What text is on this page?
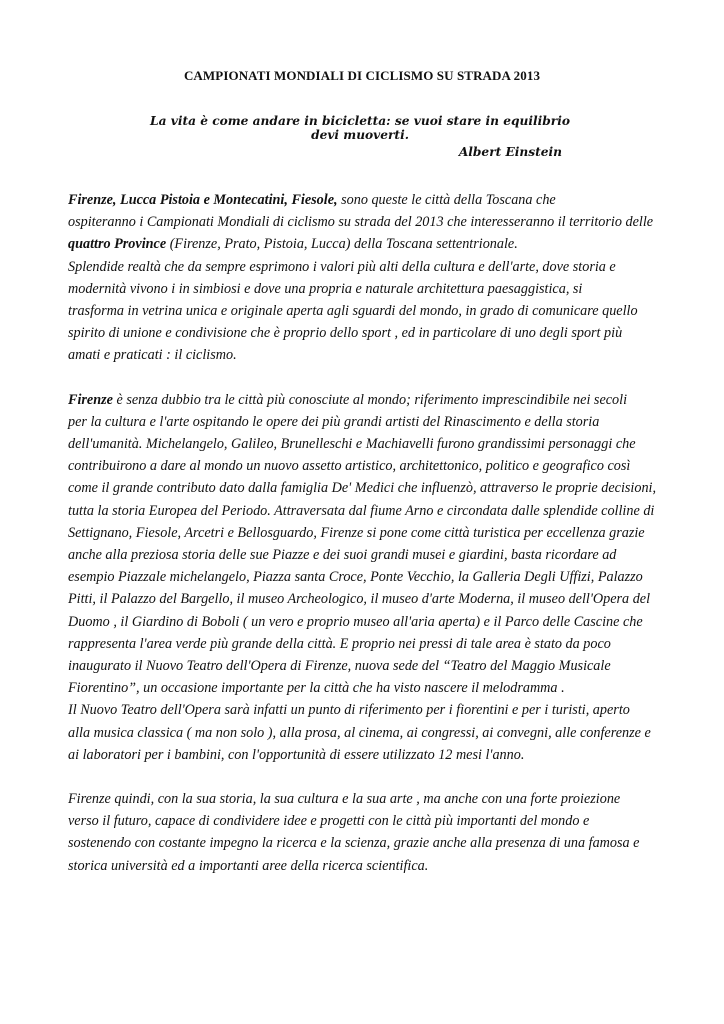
CAMPIONATI MONDIALI DI CICLISMO SU STRADA 2013
La vita è come andare in bicicletta: se vuoi stare in equilibrio devi muoverti.
Albert Einstein

Firenze, Lucca Pistoia e Montecatini, Fiesole, sono queste le città della Toscana che
ospiteranno i Campionati Mondiali di ciclismo su strada del 2013 che interesseranno il territorio delle
quattro Province (Firenze, Prato, Pistoia, Lucca) della Toscana settentrionale.
Splendide realtà che da sempre esprimono i valori più alti della cultura e dell'arte, dove storia e
modernità vivono i in simbiosi e dove una propria e naturale architettura paesaggistica, si
trasforma in vetrina unica e originale aperta agli sguardi del mondo, in grado di comunicare quello
spirito di unione e condivisione che è proprio dello sport , ed in particolare di uno degli sport più
amati e praticati : il ciclismo.

Firenze è senza dubbio tra le città più conosciute al mondo; riferimento imprescindibile nei secoli
per la cultura e l'arte ospitando le opere dei più grandi artisti del Rinascimento e della storia
dell'umanità. Michelangelo, Galileo, Brunelleschi e Machiavelli furono grandissimi personaggi che
contribuirono a dare al mondo un nuovo assetto artistico, architettonico, politico e geografico così
come il grande contributo dato dalla famiglia De' Medici che influenzò, attraverso le proprie decisioni,
tutta la storia Europea del Periodo. Attraversata dal fiume Arno e circondata dalle splendide colline di
Settignano, Fiesole, Arcetri e Bellosguardo, Firenze si pone come città turistica per eccellenza grazie
anche alla preziosa storia delle sue Piazze e dei suoi grandi musei e giardini, basta ricordare ad
esempio Piazzale michelangelo, Piazza santa Croce, Ponte Vecchio, la Galleria Degli Uffizi, Palazzo
Pitti, il Palazzo del Bargello, il museo Archeologico, il museo d'arte Moderna, il museo dell'Opera del
Duomo , il Giardino di Boboli ( un vero e proprio museo all'aria aperta) e il Parco delle Cascine che
rappresenta l'area verde più grande della città. E proprio nei pressi di tale area è stato da poco
inaugurato il Nuovo Teatro dell'Opera di Firenze, nuova sede del “Teatro del Maggio Musicale
Fiorentino”, un occasione importante per la città che ha visto nascere il melodramma .
Il Nuovo Teatro dell'Opera sarà infatti un punto di riferimento per i fiorentini e per i turisti, aperto
alla musica classica ( ma non solo ), alla prosa, al cinema, ai congressi, ai convegni, alle conferenze e
ai laboratori per i bambini, con l'opportunità di essere utilizzato 12 mesi l'anno.

Firenze quindi, con la sua storia, la sua cultura e la sua arte , ma anche con una forte proiezione
verso il futuro, capace di condividere idee e progetti con le città più importanti del mondo e
sostenendo con costante impegno la ricerca e la scienza, grazie anche alla presenza di una famosa e
storica università ed a importanti aree della ricerca scientifica.
